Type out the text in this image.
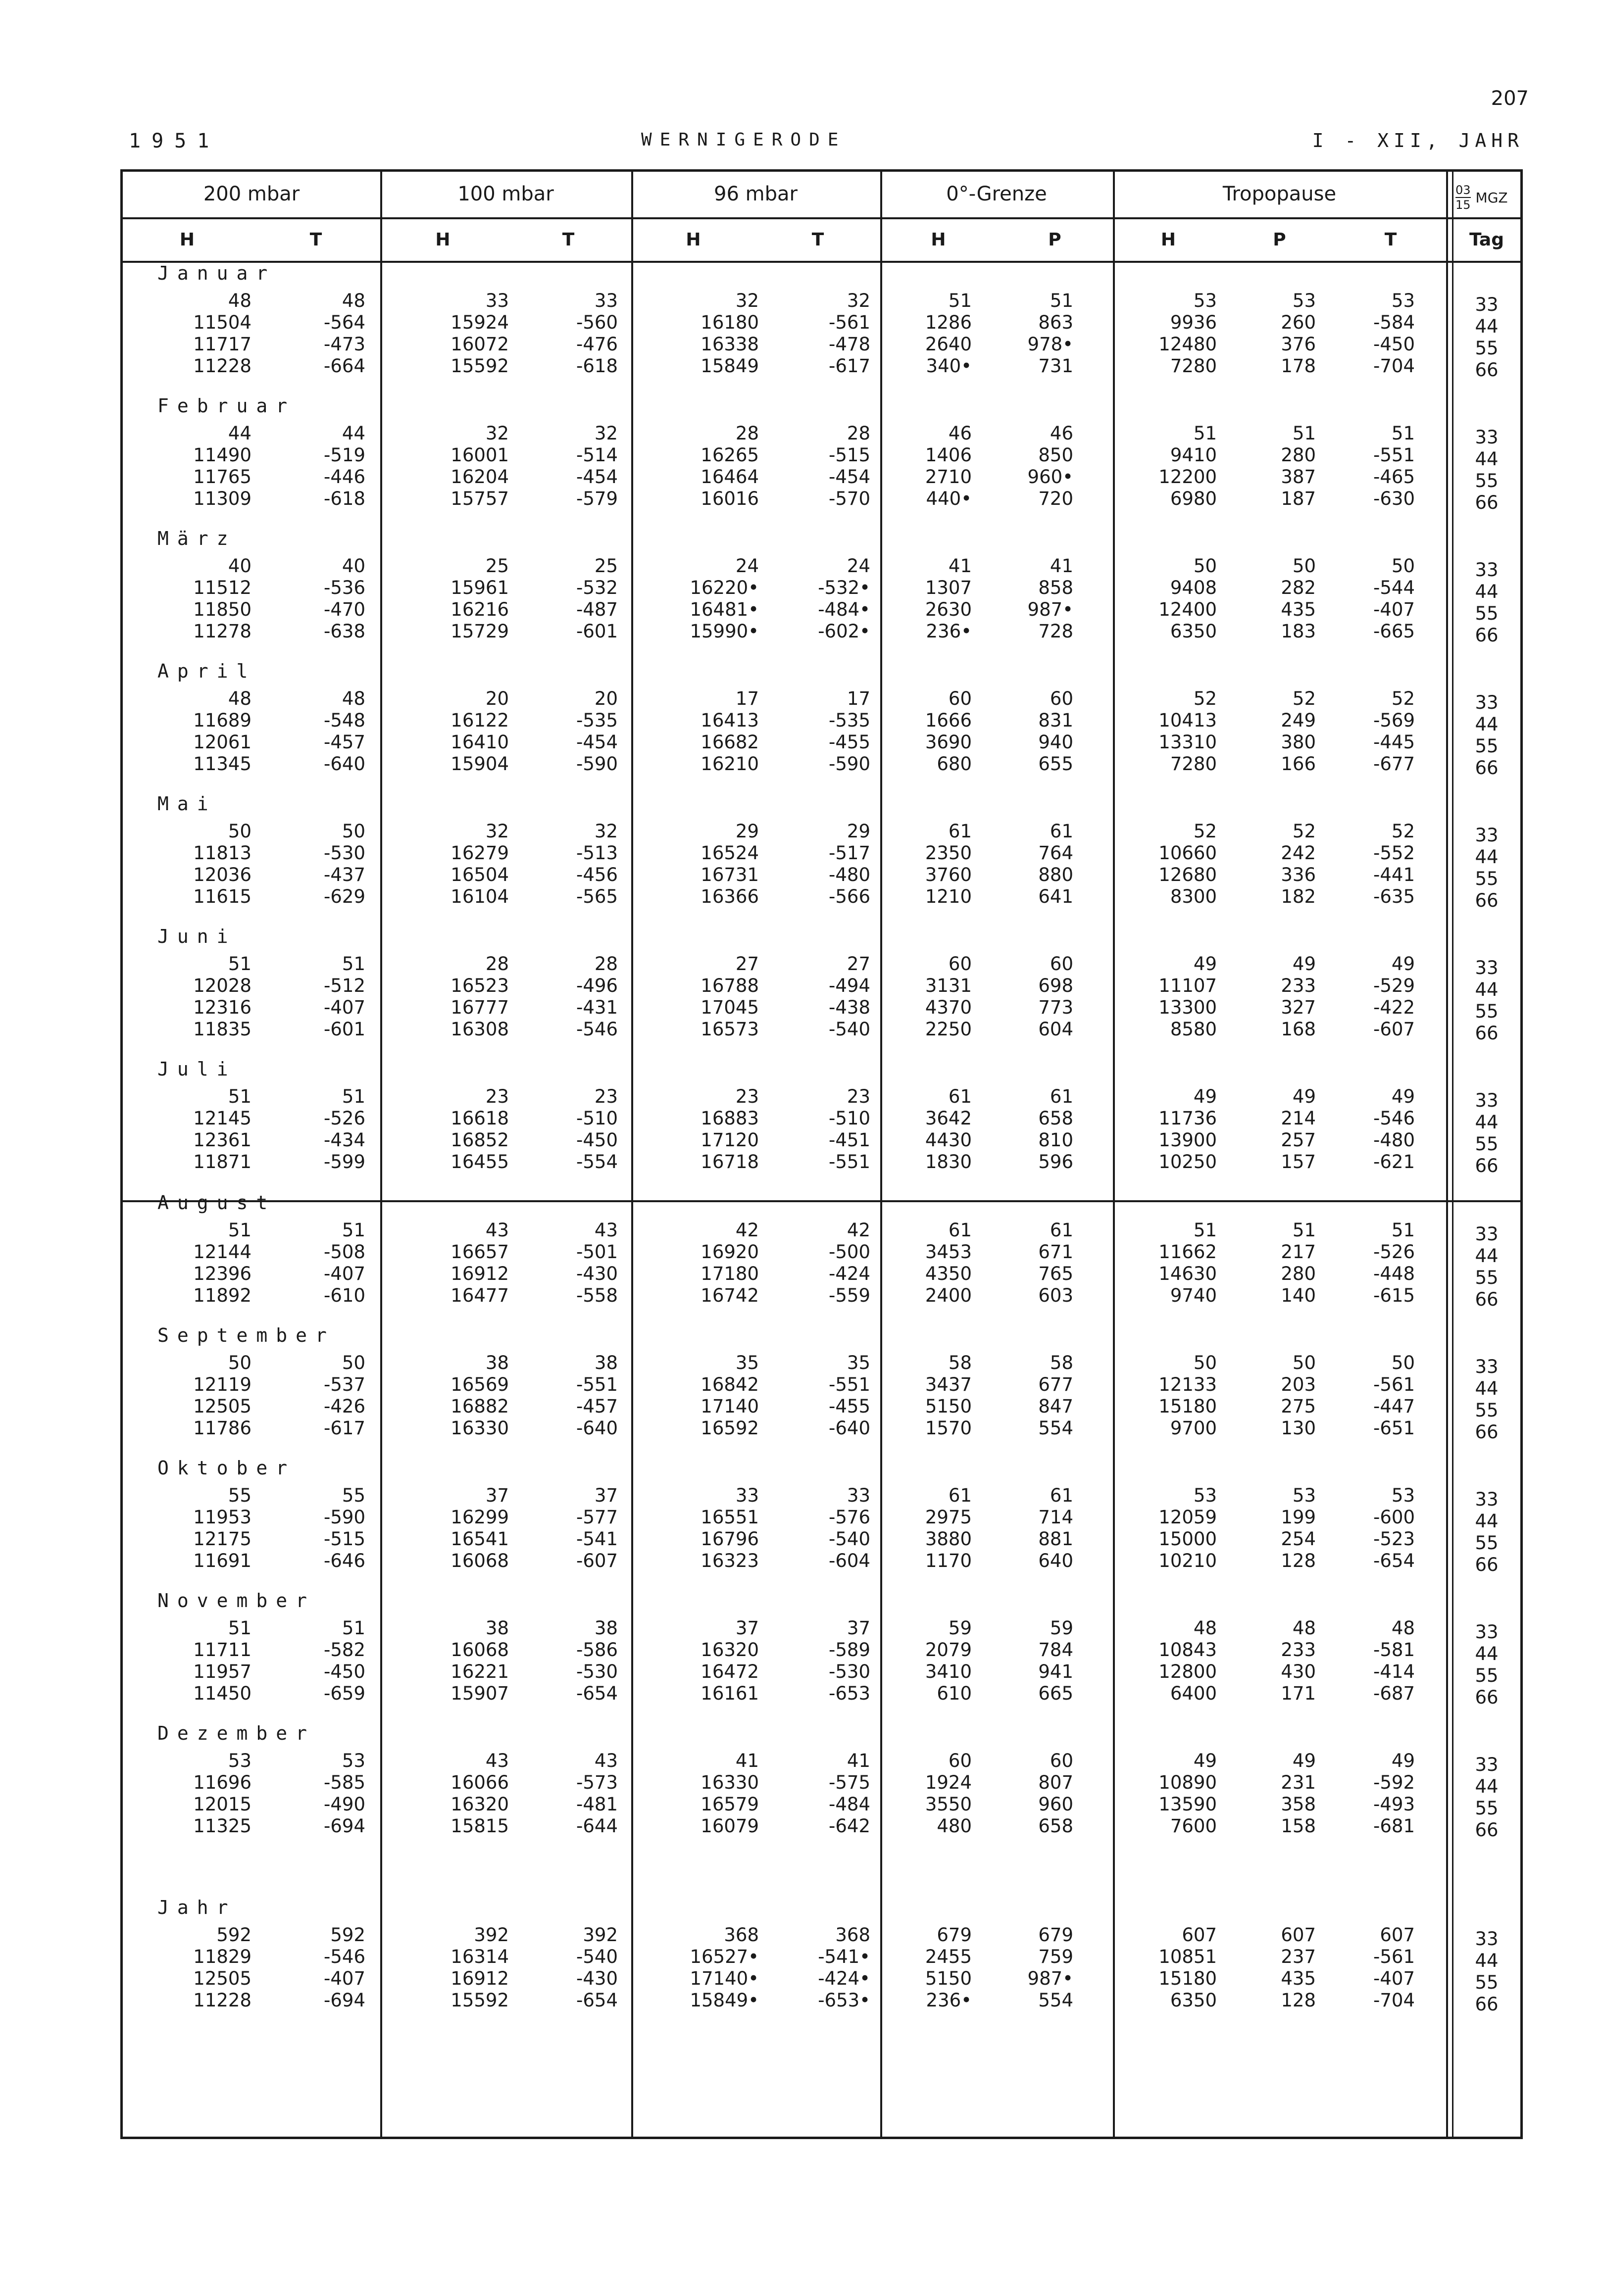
207
1951	WERNIGERODE	I - XII, JAHR
200 mbar	100 mbar	96 mbar	0°-Grenze	Tropopause	$\frac{03}{15}$ MGZ
H	T	H	T	H	T	H	P	H	P	T	Tag
Januar
48	48	33	33	32	32	51	51	53	53	53	33
11504	-564	15924	-560	16180	-561	1286	863	9936	260	-584	44
11717	-473	16072	-476	16338	-478	2640	978•	12480	376	-450	55
11228	-664	15592	-618	15849	-617	340•	731	7280	178	-704	66
Februar
44	44	32	32	28	28	46	46	51	51	51	33
11490	-519	16001	-514	16265	-515	1406	850	9410	280	-551	44
11765	-446	16204	-454	16464	-454	2710	960•	12200	387	-465	55
11309	-618	15757	-579	16016	-570	440•	720	6980	187	-630	66
März
40	40	25	25	24	24	41	41	50	50	50	33
11512	-536	15961	-532	16220•	-532•	1307	858	9408	282	-544	44
11850	-470	16216	-487	16481•	-484•	2630	987•	12400	435	-407	55
11278	-638	15729	-601	15990•	-602•	236•	728	6350	183	-665	66
April
48	48	20	20	17	17	60	60	52	52	52	33
11689	-548	16122	-535	16413	-535	1666	831	10413	249	-569	44
12061	-457	16410	-454	16682	-455	3690	940	13310	380	-445	55
11345	-640	15904	-590	16210	-590	680	655	7280	166	-677	66
Mai
50	50	32	32	29	29	61	61	52	52	52	33
11813	-530	16279	-513	16524	-517	2350	764	10660	242	-552	44
12036	-437	16504	-456	16731	-480	3760	880	12680	336	-441	55
11615	-629	16104	-565	16366	-566	1210	641	8300	182	-635	66
Juni
51	51	28	28	27	27	60	60	49	49	49	33
12028	-512	16523	-496	16788	-494	3131	698	11107	233	-529	44
12316	-407	16777	-431	17045	-438	4370	773	13300	327	-422	55
11835	-601	16308	-546	16573	-540	2250	604	8580	168	-607	66
Juli
51	51	23	23	23	23	61	61	49	49	49	33
12145	-526	16618	-510	16883	-510	3642	658	11736	214	-546	44
12361	-434	16852	-450	17120	-451	4430	810	13900	257	-480	55
11871	-599	16455	-554	16718	-551	1830	596	10250	157	-621	66
August
51	51	43	43	42	42	61	61	51	51	51	33
12144	-508	16657	-501	16920	-500	3453	671	11662	217	-526	44
12396	-407	16912	-430	17180	-424	4350	765	14630	280	-448	55
11892	-610	16477	-558	16742	-559	2400	603	9740	140	-615	66
September
50	50	38	38	35	35	58	58	50	50	50	33
12119	-537	16569	-551	16842	-551	3437	677	12133	203	-561	44
12505	-426	16882	-457	17140	-455	5150	847	15180	275	-447	55
11786	-617	16330	-640	16592	-640	1570	554	9700	130	-651	66
Oktober
55	55	37	37	33	33	61	61	53	53	53	33
11953	-590	16299	-577	16551	-576	2975	714	12059	199	-600	44
12175	-515	16541	-541	16796	-540	3880	881	15000	254	-523	55
11691	-646	16068	-607	16323	-604	1170	640	10210	128	-654	66
November
51	51	38	38	37	37	59	59	48	48	48	33
11711	-582	16068	-586	16320	-589	2079	784	10843	233	-581	44
11957	-450	16221	-530	16472	-530	3410	941	12800	430	-414	55
11450	-659	15907	-654	16161	-653	610	665	6400	171	-687	66
Dezember
53	53	43	43	41	41	60	60	49	49	49	33
11696	-585	16066	-573	16330	-575	1924	807	10890	231	-592	44
12015	-490	16320	-481	16579	-484	3550	960	13590	358	-493	55
11325	-694	15815	-644	16079	-642	480	658	7600	158	-681	66
Jahr
592	592	392	392	368	368	679	679	607	607	607	33
11829	-546	16314	-540	16527•	-541•	2455	759	10851	237	-561	44
12505	-407	16912	-430	17140•	-424•	5150	987•	15180	435	-407	55
11228	-694	15592	-654	15849•	-653•	236•	554	6350	128	-704	66
